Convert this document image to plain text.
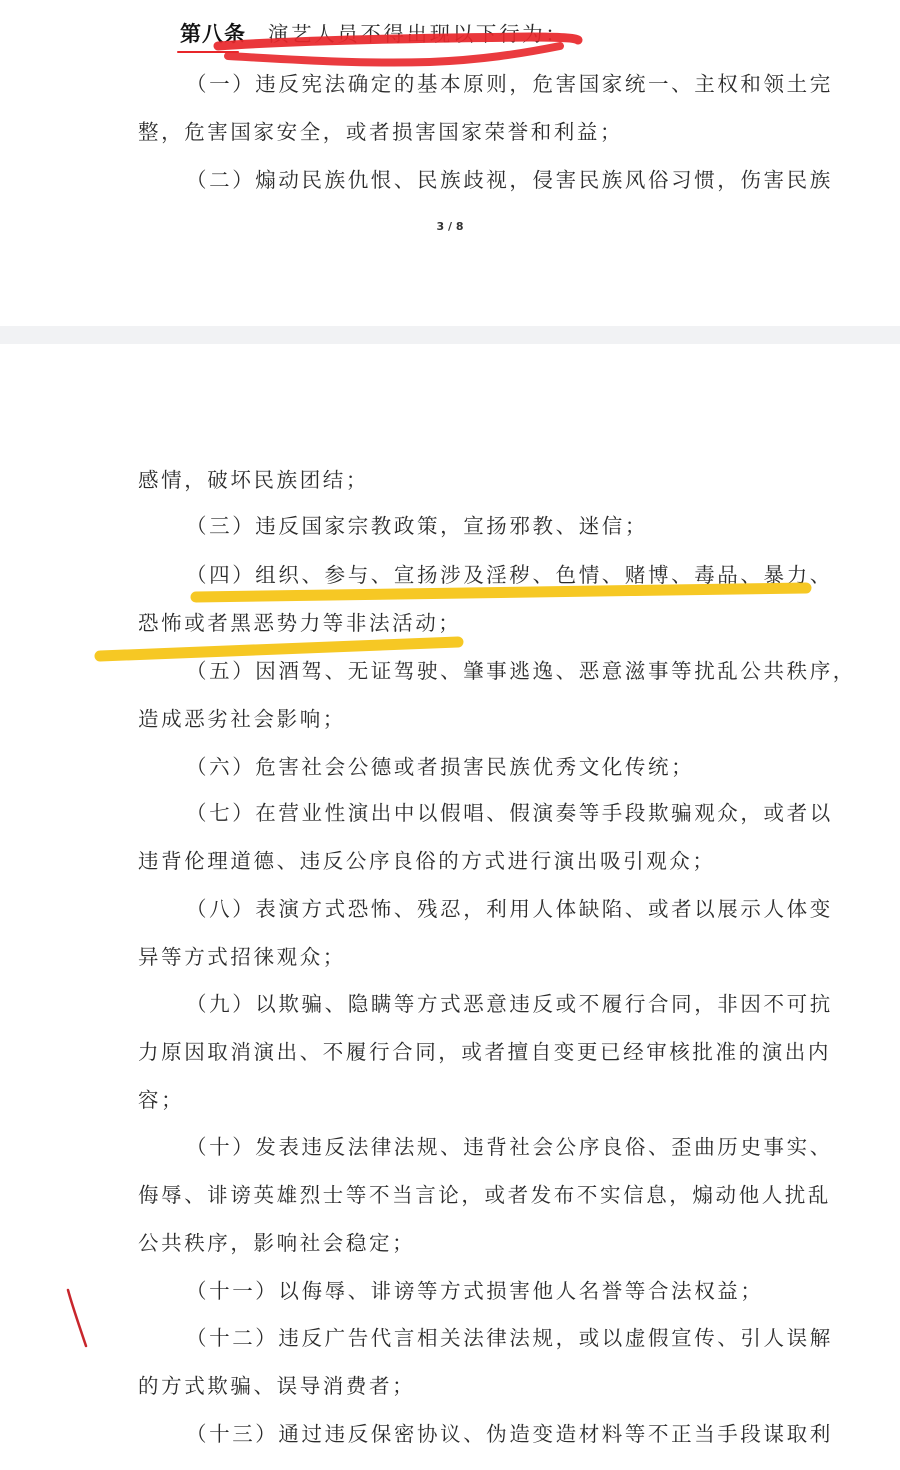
第八条 演艺人员不得出现以下行为：

（一）违反宪法确定的基本原则，危害国家统一、主权和领土完

整，危害国家安全，或者损害国家荣誉和利益；

（二）煽动民族仇恨、民族歧视，侵害民族风俗习惯，伤害民族

3 / 8

感情，破坏民族团结；

（三）违反国家宗教政策，宣扬邪教、迷信；

（四）组织、参与、宣扬涉及淫秽、色情、赌博、毒品、暴力、

恐怖或者黑恶势力等非法活动；

（五）因酒驾、无证驾驶、肇事逃逸、恶意滋事等扰乱公共秩序，

造成恶劣社会影响；

（六）危害社会公德或者损害民族优秀文化传统；

（七）在营业性演出中以假唱、假演奏等手段欺骗观众，或者以

违背伦理道德、违反公序良俗的方式进行演出吸引观众；

（八）表演方式恐怖、残忍，利用人体缺陷、或者以展示人体变

异等方式招徕观众；

（九）以欺骗、隐瞒等方式恶意违反或不履行合同，非因不可抗

力原因取消演出、不履行合同，或者擅自变更已经审核批准的演出内

容；

（十）发表违反法律法规、违背社会公序良俗、歪曲历史事实、

侮辱、诽谤英雄烈士等不当言论，或者发布不实信息，煽动他人扰乱

公共秩序，影响社会稳定；

（十一）以侮辱、诽谤等方式损害他人名誉等合法权益；

（十二）违反广告代言相关法律法规，或以虚假宣传、引人误解

的方式欺骗、误导消费者；

（十三）通过违反保密协议、伪造变造材料等不正当手段谋取利
